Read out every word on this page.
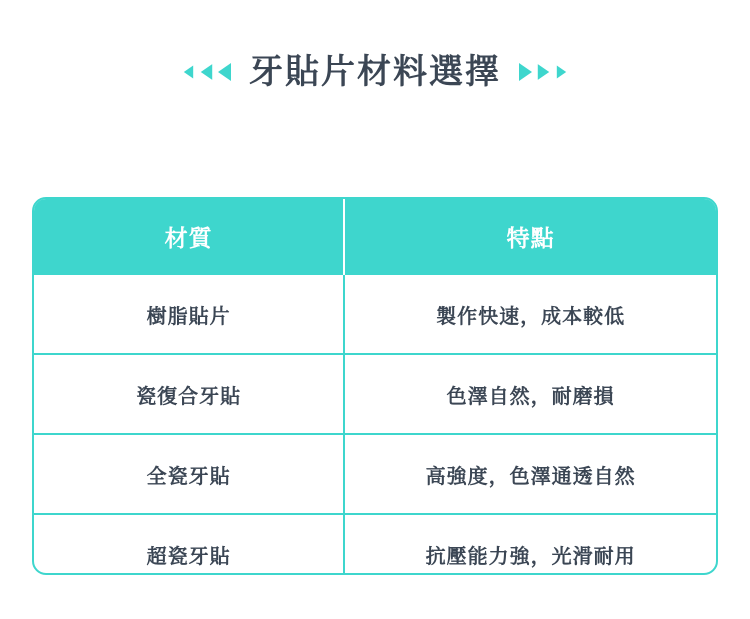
牙貼片材料選擇
材質	特點
樹脂貼片	製作快速，成本較低
瓷復合牙貼	色澤自然，耐磨損
全瓷牙貼	高強度，色澤通透自然
超瓷牙貼	抗壓能力強，光滑耐用
